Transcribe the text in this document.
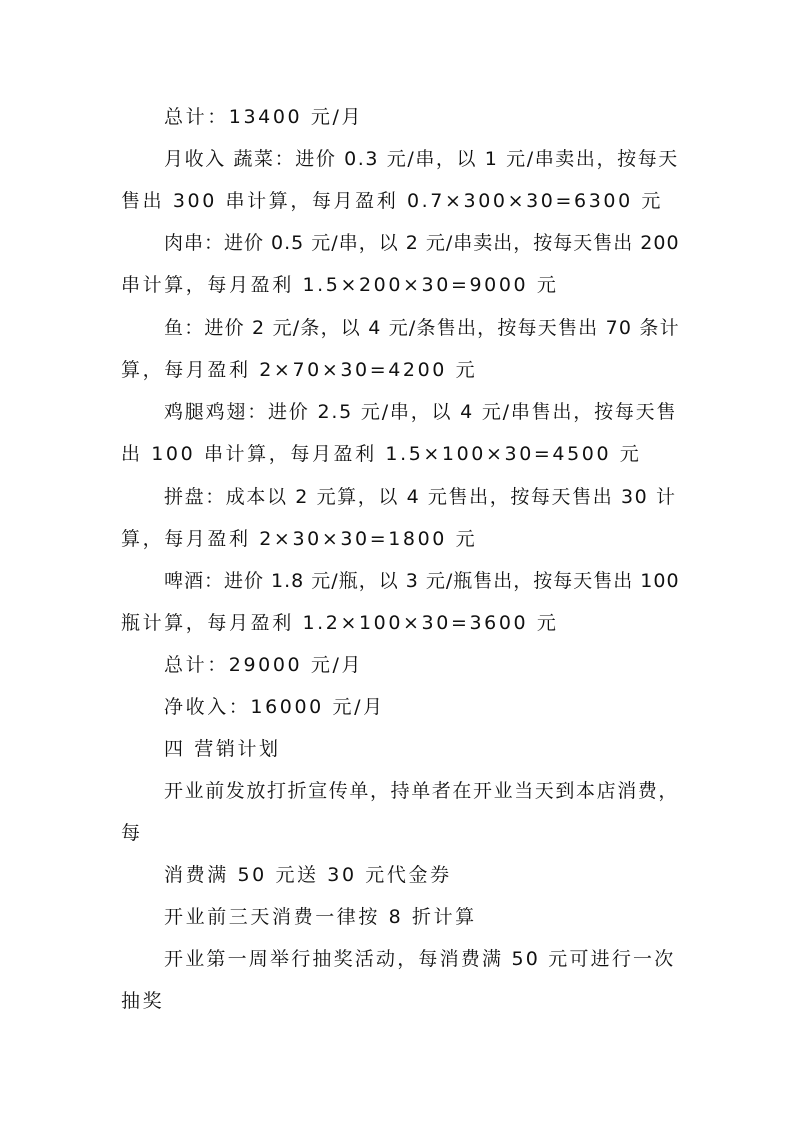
总计：13400 元/月
月收入 蔬菜：进价 0.3 元/串，以 1 元/串卖出，按每天
售出 300 串计算，每月盈利 0.7×300×30=6300 元
肉串：进价 0.5 元/串，以 2 元/串卖出，按每天售出 200
串计算，每月盈利 1.5×200×30=9000 元
鱼：进价 2 元/条，以 4 元/条售出，按每天售出 70 条计
算，每月盈利 2×70×30=4200 元
鸡腿鸡翅：进价 2.5 元/串，以 4 元/串售出，按每天售
出 100 串计算，每月盈利 1.5×100×30=4500 元
拼盘：成本以 2 元算，以 4 元售出，按每天售出 30 计
算，每月盈利 2×30×30=1800 元
啤酒：进价 1.8 元/瓶，以 3 元/瓶售出，按每天售出 100
瓶计算，每月盈利 1.2×100×30=3600 元
总计：29000 元/月
净收入：16000 元/月
四 营销计划
开业前发放打折宣传单，持单者在开业当天到本店消费，
每
消费满 50 元送 30 元代金券
开业前三天消费一律按 8 折计算
开业第一周举行抽奖活动，每消费满 50 元可进行一次
抽奖
